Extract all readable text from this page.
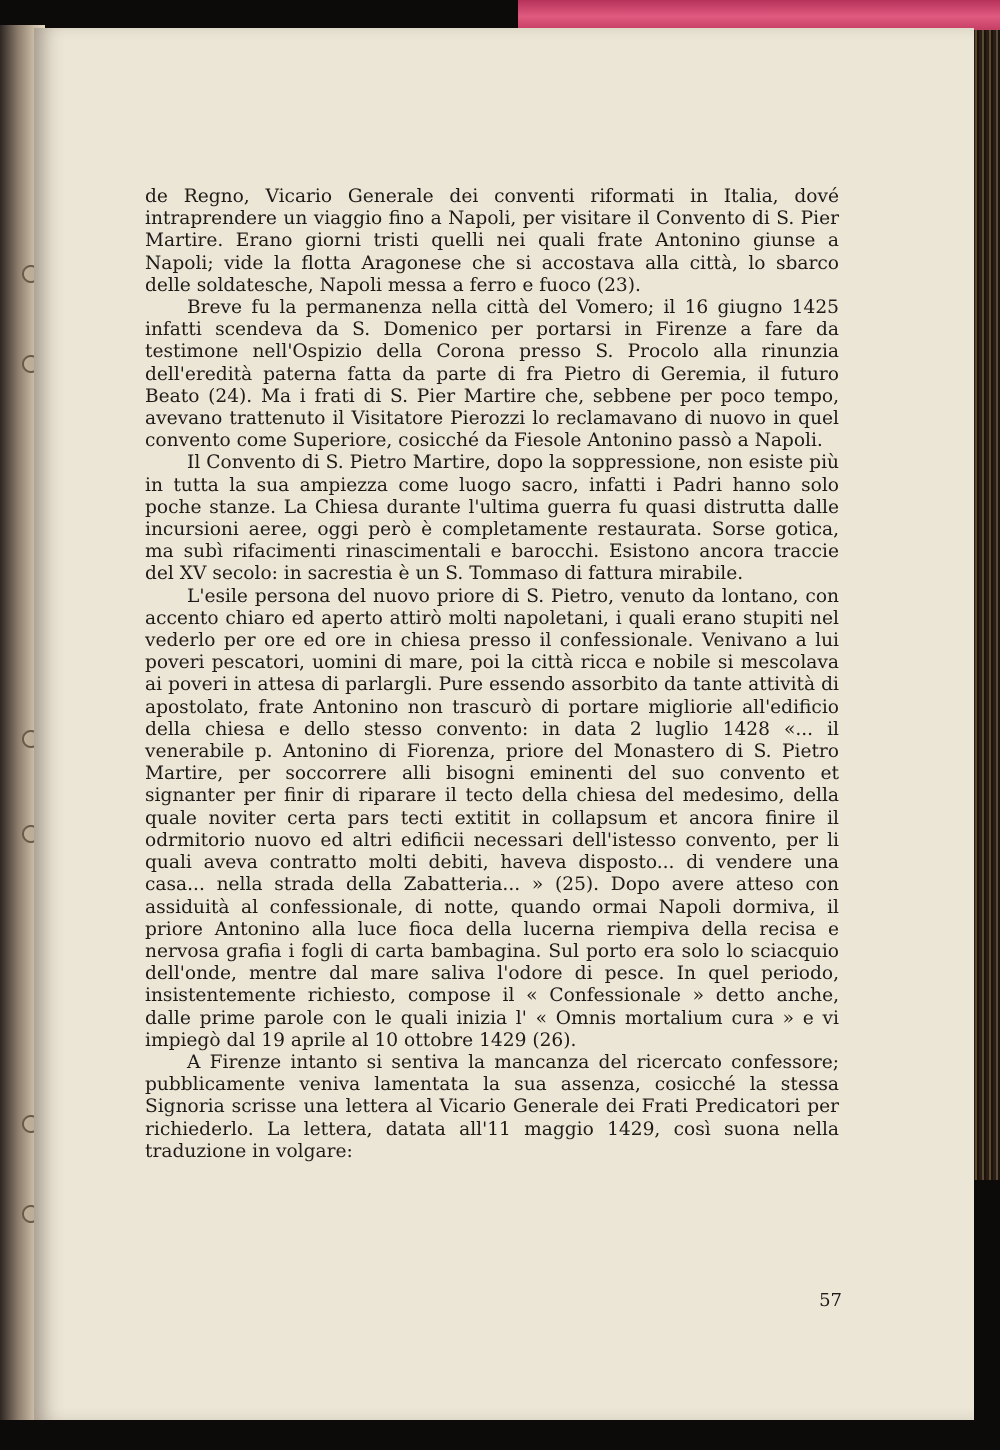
de Regno, Vicario Generale dei conventi riformati in Italia, dové intraprendere un viaggio fino a Napoli, per visitare il Convento di S. Pier Martire. Erano giorni tristi quelli nei quali frate Antonino giunse a Napoli; vide la flotta Aragonese che si accostava alla città, lo sbarco delle soldatesche, Napoli messa a ferro e fuoco (23).

Breve fu la permanenza nella città del Vomero; il 16 giugno 1425 infatti scendeva da S. Domenico per portarsi in Firenze a fare da testimone nell'Ospizio della Corona presso S. Procolo alla rinunzia dell'eredità paterna fatta da parte di fra Pietro di Geremia, il futuro Beato (24). Ma i frati di S. Pier Martire che, sebbene per poco tempo, avevano trattenuto il Visitatore Pierozzi lo reclamavano di nuovo in quel convento come Superiore, cosicché da Fiesole Antonino passò a Napoli.

Il Convento di S. Pietro Martire, dopo la soppressione, non esiste più in tutta la sua ampiezza come luogo sacro, infatti i Padri hanno solo poche stanze. La Chiesa durante l'ultima guerra fu quasi distrutta dalle incursioni aeree, oggi però è completamente restaurata. Sorse gotica, ma subì rifacimenti rinascimentali e barocchi. Esistono ancora traccie del XV secolo: in sacrestia è un S. Tommaso di fattura mirabile.

L'esile persona del nuovo priore di S. Pietro, venuto da lontano, con accento chiaro ed aperto attirò molti napoletani, i quali erano stupiti nel vederlo per ore ed ore in chiesa presso il confessionale. Venivano a lui poveri pescatori, uomini di mare, poi la città ricca e nobile si mescolava ai poveri in attesa di parlargli. Pure essendo assorbito da tante attività di apostolato, frate Antonino non trascurò di portare migliorie all'edificio della chiesa e dello stesso convento: in data 2 luglio 1428 «... il venerabile p. Antonino di Fiorenza, priore del Monastero di S. Pietro Martire, per soccorrere alli bisogni eminenti del suo convento et signanter per finir di riparare il tecto della chiesa del medesimo, della quale noviter certa pars tecti extitit in collapsum et ancora finire il odrmitorio nuovo ed altri edificii necessari dell'istesso convento, per li quali aveva contratto molti debiti, haveva disposto... di vendere una casa... nella strada della Zabatteria... » (25). Dopo avere atteso con assiduità al confessionale, di notte, quando ormai Napoli dormiva, il priore Antonino alla luce fioca della lucerna riempiva della recisa e nervosa grafia i fogli di carta bambagina. Sul porto era solo lo sciacquio dell'onde, mentre dal mare saliva l'odore di pesce. In quel periodo, insistentemente richiesto, compose il « Confessionale » detto anche, dalle prime parole con le quali inizia l' « Omnis mortalium cura » e vi impiegò dal 19 aprile al 10 ottobre 1429 (26).

A Firenze intanto si sentiva la mancanza del ricercato confessore; pubblicamente veniva lamentata la sua assenza, cosicché la stessa Signoria scrisse una lettera al Vicario Generale dei Frati Predicatori per richiederlo. La lettera, datata all'11 maggio 1429, così suona nella traduzione in volgare:

57
